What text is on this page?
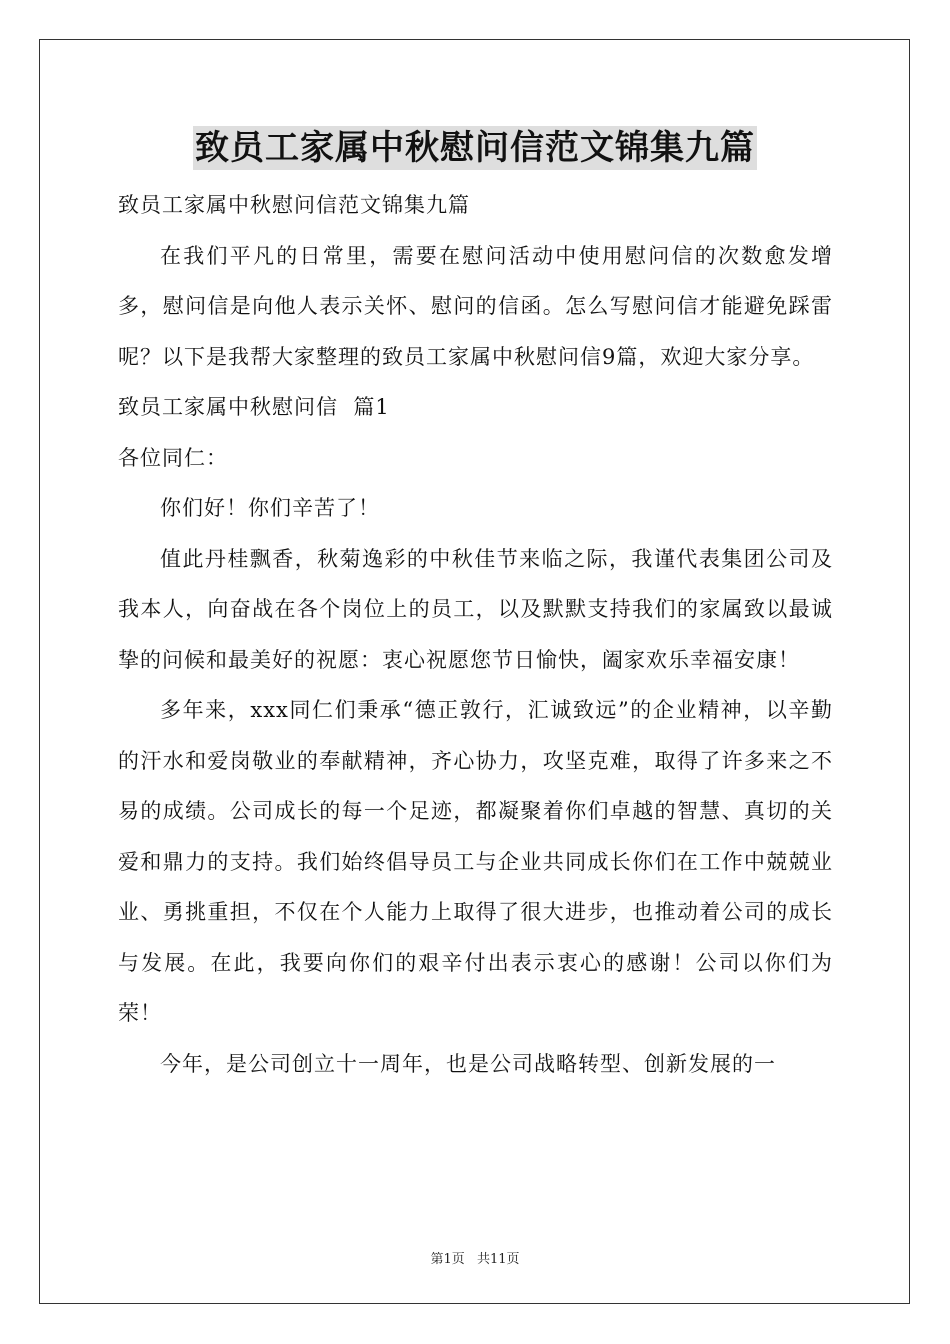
致员工家属中秋慰问信范文锦集九篇

致员工家属中秋慰问信范文锦集九篇

在我们平凡的日常里，需要在慰问活动中使用慰问信的次数愈发增多，慰问信是向他人表示关怀、慰问的信函。怎么写慰问信才能避免踩雷呢？以下是我帮大家整理的致员工家属中秋慰问信9篇，欢迎大家分享。

致员工家属中秋慰问信  篇1

各位同仁：

你们好！你们辛苦了！

值此丹桂飘香，秋菊逸彩的中秋佳节来临之际，我谨代表集团公司及我本人，向奋战在各个岗位上的员工，以及默默支持我们的家属致以最诚挚的问候和最美好的祝愿：衷心祝愿您节日愉快，阖家欢乐幸福安康！

多年来，xxx同仁们秉承“德正敦行，汇诚致远”的企业精神，以辛勤的汗水和爱岗敬业的奉献精神，齐心协力，攻坚克难，取得了许多来之不易的成绩。公司成长的每一个足迹，都凝聚着你们卓越的智慧、真切的关爱和鼎力的支持。我们始终倡导员工与企业共同成长你们在工作中兢兢业业、勇挑重担，不仅在个人能力上取得了很大进步，也推动着公司的成长与发展。在此，我要向你们的艰辛付出表示衷心的感谢！公司以你们为荣！

今年，是公司创立十一周年，也是公司战略转型、创新发展的一

第1页 共11页
